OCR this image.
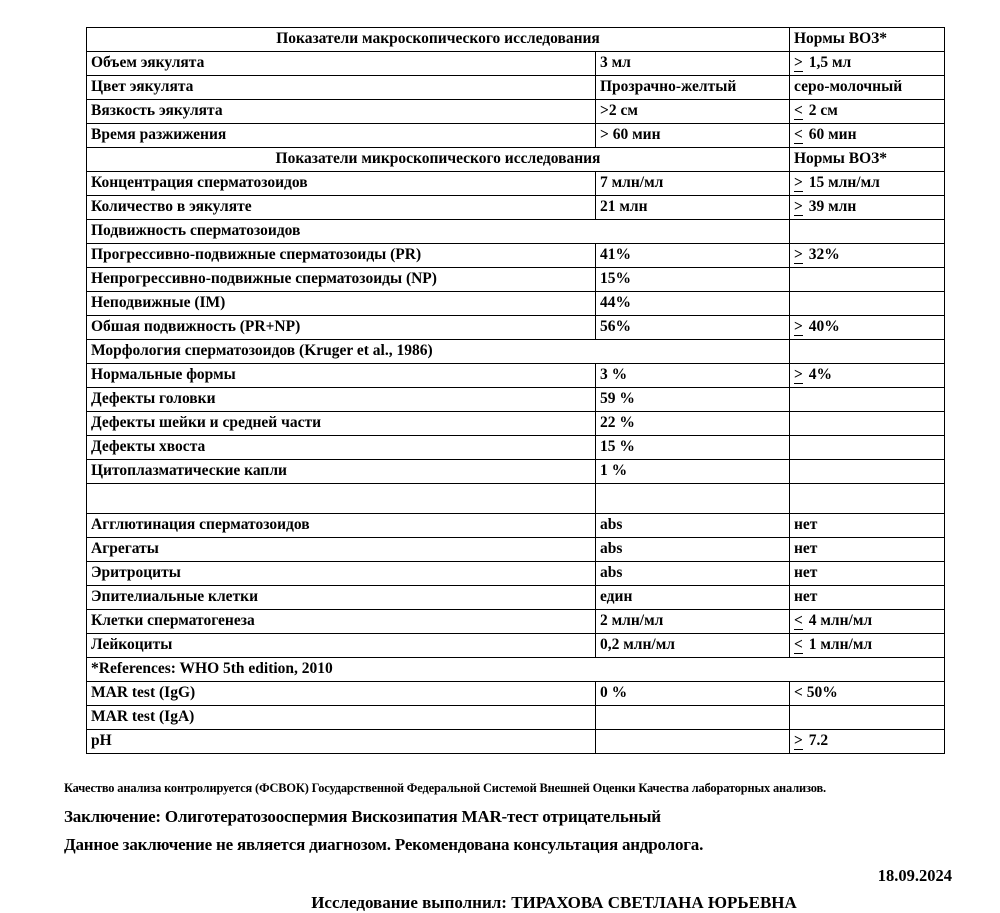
Показатели макроскопического исследования		Нормы ВОЗ*
Объем эякулята	3 мл	> 1,5 мл
Цвет эякулята	Прозрачно-желтый	серо-молочный
Вязкость эякулята	>2 см	< 2 см
Время разжижения	> 60 мин	< 60 мин
Показатели микроскопического исследования		Нормы ВОЗ*
Концентрация сперматозоидов	7 млн/мл	> 15 млн/мл
Количество в эякуляте	21 млн	> 39 млн
Подвижность сперматозоидов		
Прогрессивно-подвижные сперматозоиды (PR)	41%	> 32%
Непрогрессивно-подвижные сперматозоиды (NP)	15%	
Неподвижные (IM)	44%	
Обшая подвижность (PR+NP)	56%	> 40%
Морфология сперматозоидов (Kruger et al., 1986)		
Нормальные формы	3 %	> 4%
Дефекты головки	59 %	
Дефекты шейки и средней части	22 %	
Дефекты хвоста	15 %	
Цитоплазматические капли	1 %	

Агглютинация сперматозоидов	abs	нет
Агрегаты	abs	нет
Эритроциты	abs	нет
Эпителиальные клетки	един	нет
Клетки сперматогенеза	2 млн/мл	< 4 млн/мл
Лейкоциты	0,2 млн/мл	< 1 млн/мл
*References: WHO 5th edition, 2010		
MAR test (IgG)	0 %	< 50%
MAR test (IgA)		
pH		> 7.2
Качество анализа контролируется (ФСВОК) Государственной Федеральной Системой Внешней Оценки Качества лабораторных анализов.
Заключение: Олиготератозооспермия Вискозипатия MAR-тест отрицательный
Данное заключение не является диагнозом. Рекомендована консультация андролога.
18.09.2024
Исследование выполнил: ТИРАХОВА СВЕТЛАНА ЮРЬЕВНА
